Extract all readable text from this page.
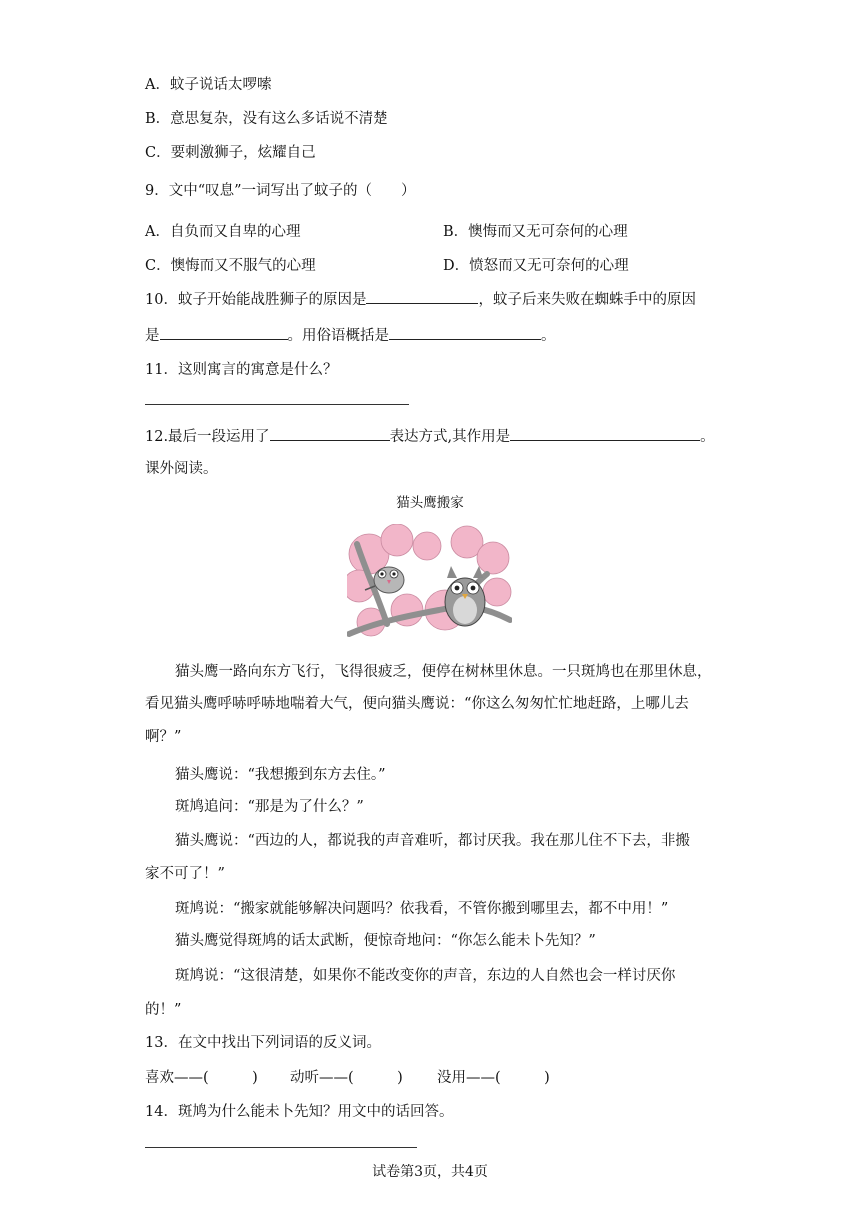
A．蚊子说话太啰嗦
B．意思复杂，没有这么多话说不清楚
C．要刺激狮子，炫耀自己
9．文中“叹息”一词写出了蚊子的（　　）
A．自负而又自卑的心理	B．懊悔而又无可奈何的心理
C．懊悔而又不服气的心理	D．愤怒而又无可奈何的心理
10．蚊子开始能战胜狮子的原因是	，蚊子后来失败在蜘蛛手中的原因
是	。用俗语概括是	。
11．这则寓言的寓意是什么？
12.最后一段运用了	表达方式,其作用是	。
课外阅读。
猫头鹰搬家
猫头鹰一路向东方飞行，飞得很疲乏，便停在树林里休息。一只斑鸠也在那里休息，
看见猫头鹰呼哧呼哧地喘着大气，便向猫头鹰说：“你这么匆匆忙忙地赶路，上哪儿去
啊？”
猫头鹰说：“我想搬到东方去住。”
斑鸠追问：“那是为了什么？”
猫头鹰说：“西边的人，都说我的声音难听，都讨厌我。我在那儿住不下去，非搬
家不可了！”
斑鸠说：“搬家就能够解决问题吗？依我看，不管你搬到哪里去，都不中用！”
猫头鹰觉得斑鸠的话太武断，便惊奇地问：“你怎么能未卜先知？”
斑鸠说：“这很清楚，如果你不能改变你的声音，东边的人自然也会一样讨厌你
的！”
13．在文中找出下列词语的反义词。
喜欢——(　　　) 动听——(　　　) 没用——(　　　)
14．斑鸠为什么能未卜先知？用文中的话回答。
试卷第3页，共4页
